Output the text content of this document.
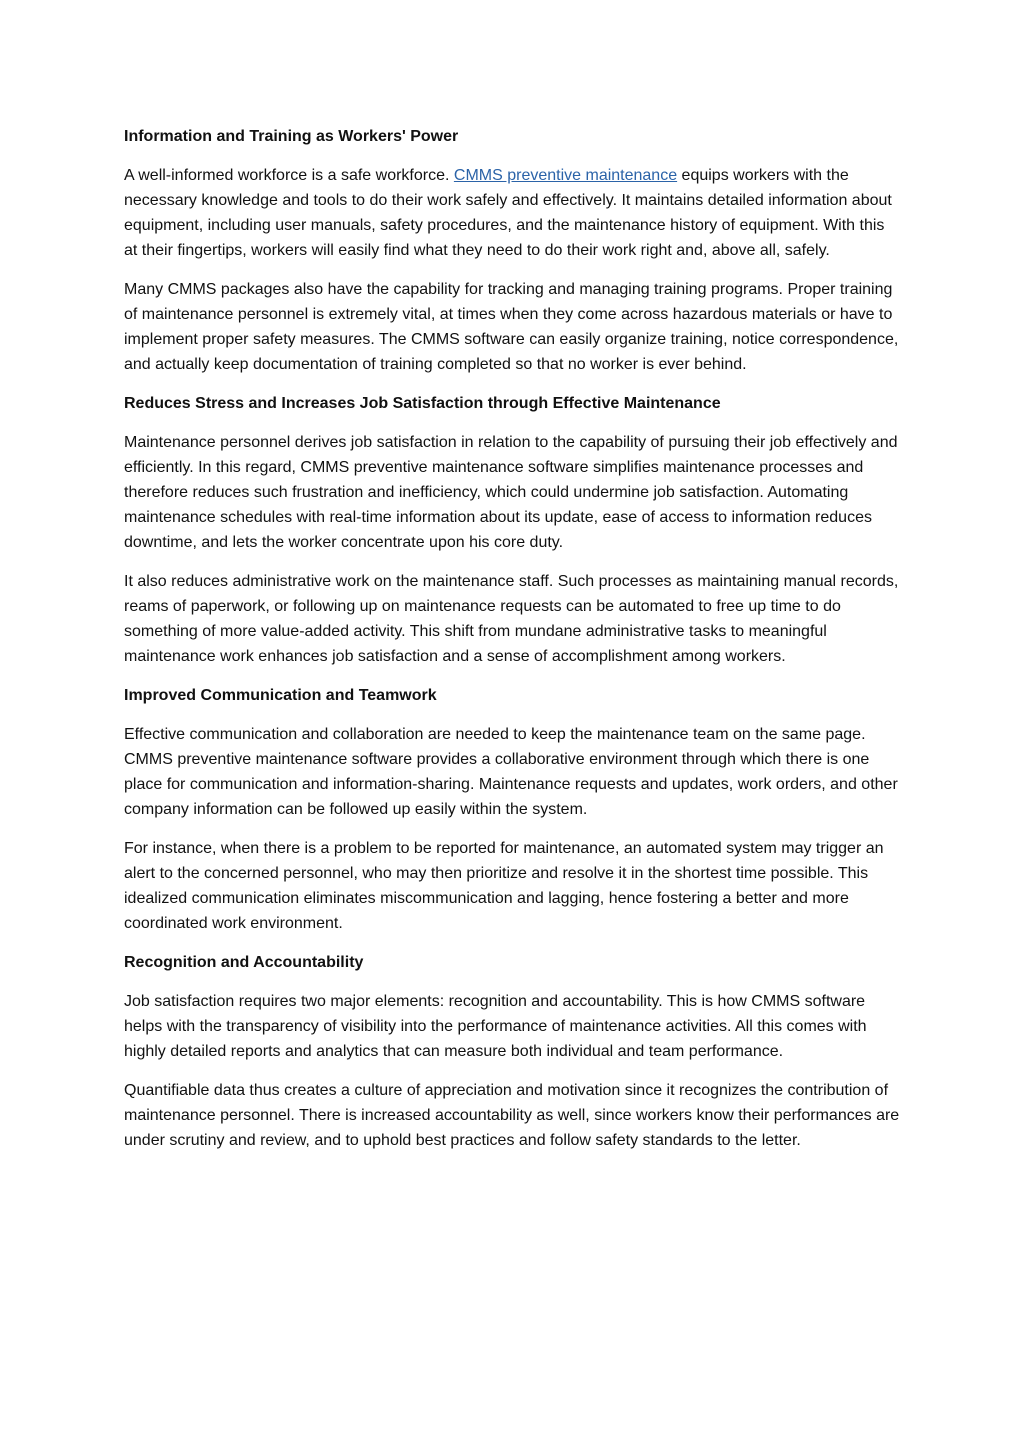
Information and Training as Workers' Power
A well-informed workforce is a safe workforce. CMMS preventive maintenance equips workers with the necessary knowledge and tools to do their work safely and effectively. It maintains detailed information about equipment, including user manuals, safety procedures, and the maintenance history of equipment. With this at their fingertips, workers will easily find what they need to do their work right and, above all, safely.
Many CMMS packages also have the capability for tracking and managing training programs. Proper training of maintenance personnel is extremely vital, at times when they come across hazardous materials or have to implement proper safety measures. The CMMS software can easily organize training, notice correspondence, and actually keep documentation of training completed so that no worker is ever behind.
Reduces Stress and Increases Job Satisfaction through Effective Maintenance
Maintenance personnel derives job satisfaction in relation to the capability of pursuing their job effectively and efficiently. In this regard, CMMS preventive maintenance software simplifies maintenance processes and therefore reduces such frustration and inefficiency, which could undermine job satisfaction. Automating maintenance schedules with real-time information about its update, ease of access to information reduces downtime, and lets the worker concentrate upon his core duty.
It also reduces administrative work on the maintenance staff. Such processes as maintaining manual records, reams of paperwork, or following up on maintenance requests can be automated to free up time to do something of more value-added activity. This shift from mundane administrative tasks to meaningful maintenance work enhances job satisfaction and a sense of accomplishment among workers.
Improved Communication and Teamwork
Effective communication and collaboration are needed to keep the maintenance team on the same page. CMMS preventive maintenance software provides a collaborative environment through which there is one place for communication and information-sharing. Maintenance requests and updates, work orders, and other company information can be followed up easily within the system.
For instance, when there is a problem to be reported for maintenance, an automated system may trigger an alert to the concerned personnel, who may then prioritize and resolve it in the shortest time possible. This idealized communication eliminates miscommunication and lagging, hence fostering a better and more coordinated work environment.
Recognition and Accountability
Job satisfaction requires two major elements: recognition and accountability. This is how CMMS software helps with the transparency of visibility into the performance of maintenance activities. All this comes with highly detailed reports and analytics that can measure both individual and team performance.
Quantifiable data thus creates a culture of appreciation and motivation since it recognizes the contribution of maintenance personnel. There is increased accountability as well, since workers know their performances are under scrutiny and review, and to uphold best practices and follow safety standards to the letter.
